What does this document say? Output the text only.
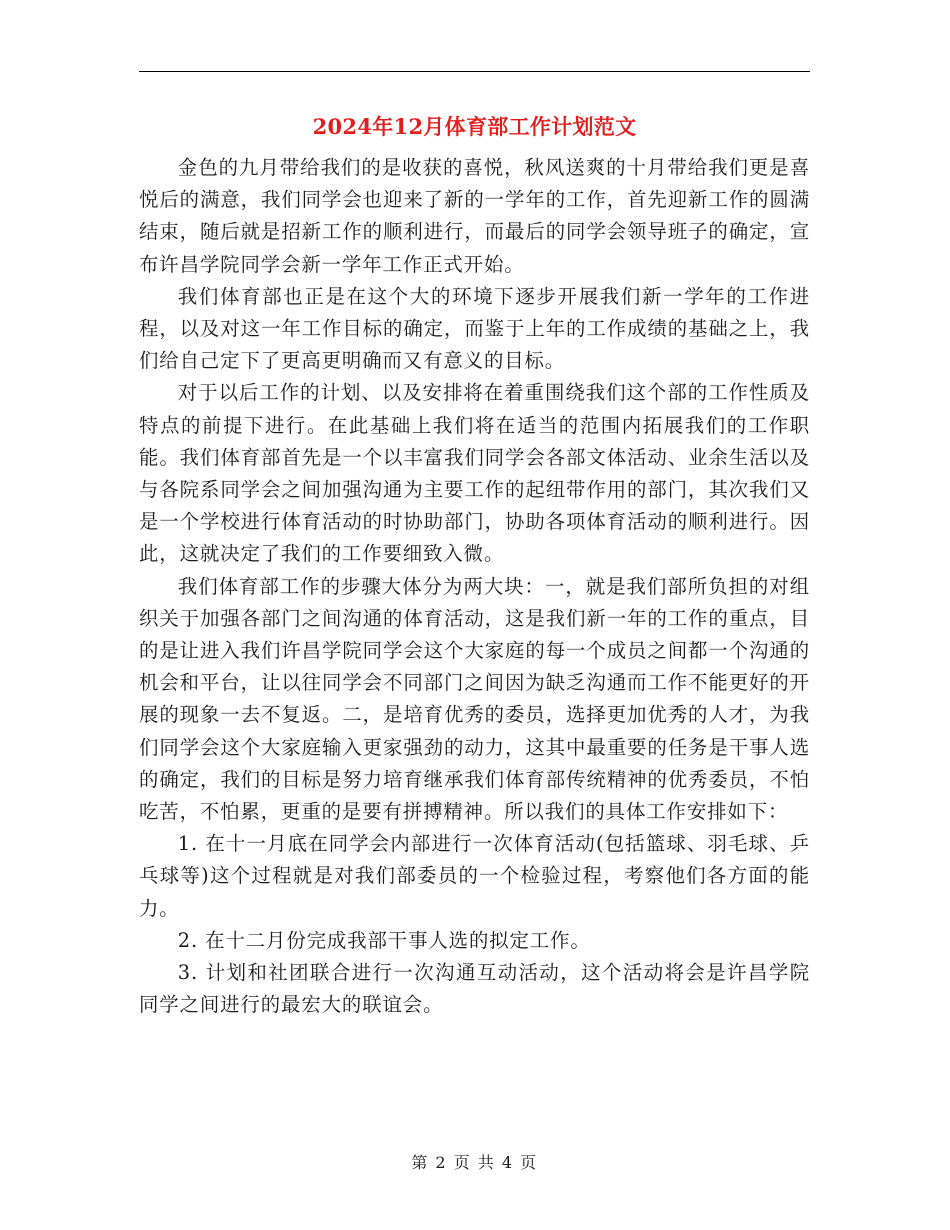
2024年12月体育部工作计划范文

金色的九月带给我们的是收获的喜悦，秋风送爽的十月带给我们更是喜悦后的满意，我们同学会也迎来了新的一学年的工作，首先迎新工作的圆满结束，随后就是招新工作的顺利进行，而最后的同学会领导班子的确定，宣布许昌学院同学会新一学年工作正式开始。

我们体育部也正是在这个大的环境下逐步开展我们新一学年的工作进程，以及对这一年工作目标的确定，而鉴于上年的工作成绩的基础之上，我们给自己定下了更高更明确而又有意义的目标。

对于以后工作的计划、以及安排将在着重围绕我们这个部的工作性质及特点的前提下进行。在此基础上我们将在适当的范围内拓展我们的工作职能。我们体育部首先是一个以丰富我们同学会各部文体活动、业余生活以及与各院系同学会之间加强沟通为主要工作的起纽带作用的部门，其次我们又是一个学校进行体育活动的时协助部门，协助各项体育活动的顺利进行。因此，这就决定了我们的工作要细致入微。

我们体育部工作的步骤大体分为两大块：一，就是我们部所负担的对组织关于加强各部门之间沟通的体育活动，这是我们新一年的工作的重点，目的是让进入我们许昌学院同学会这个大家庭的每一个成员之间都一个沟通的机会和平台，让以往同学会不同部门之间因为缺乏沟通而工作不能更好的开展的现象一去不复返。二，是培育优秀的委员，选择更加优秀的人才，为我们同学会这个大家庭输入更家强劲的动力，这其中最重要的任务是干事人选的确定，我们的目标是努力培育继承我们体育部传统精神的优秀委员，不怕吃苦，不怕累，更重的是要有拼搏精神。所以我们的具体工作安排如下：

1. 在十一月底在同学会内部进行一次体育活动(包括篮球、羽毛球、乒乓球等)这个过程就是对我们部委员的一个检验过程，考察他们各方面的能力。

2. 在十二月份完成我部干事人选的拟定工作。

3. 计划和社团联合进行一次沟通互动活动，这个活动将会是许昌学院同学之间进行的最宏大的联谊会。

第 2 页 共 4 页
